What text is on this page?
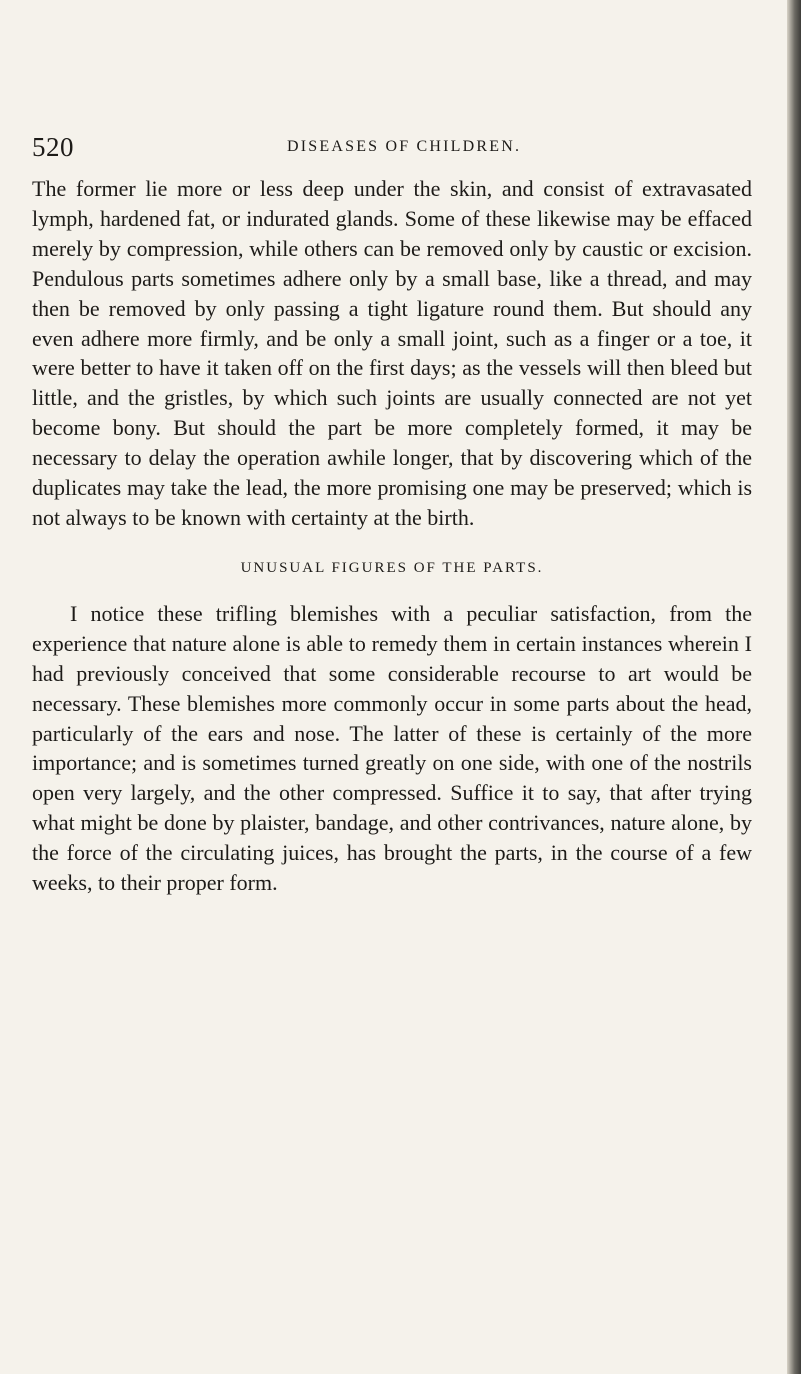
520	DISEASES OF CHILDREN.

The former lie more or less deep under the skin, and consist of extravasated lymph, hardened fat, or indurated glands. Some of these likewise may be effaced merely by compression, while others can be removed only by caustic or excision. Pendulous parts sometimes adhere only by a small base, like a thread, and may then be removed by only passing a tight ligature round them. But should any even adhere more firmly, and be only a small joint, such as a finger or a toe, it were better to have it taken off on the first days; as the vessels will then bleed but little, and the gristles, by which such joints are usually connected are not yet become bony. But should the part be more completely formed, it may be necessary to delay the operation awhile longer, that by discovering which of the duplicates may take the lead, the more promising one may be preserved; which is not always to be known with certainty at the birth.

UNUSUAL FIGURES OF THE PARTS.

I notice these trifling blemishes with a peculiar satisfaction, from the experience that nature alone is able to remedy them in certain instances wherein I had previously conceived that some considerable recourse to art would be necessary. These blemishes more commonly occur in some parts about the head, particularly of the ears and nose. The latter of these is certainly of the more importance; and is sometimes turned greatly on one side, with one of the nostrils open very largely, and the other compressed. Suffice it to say, that after trying what might be done by plaister, bandage, and other contrivances, nature alone, by the force of the circulating juices, has brought the parts, in the course of a few weeks, to their proper form.
